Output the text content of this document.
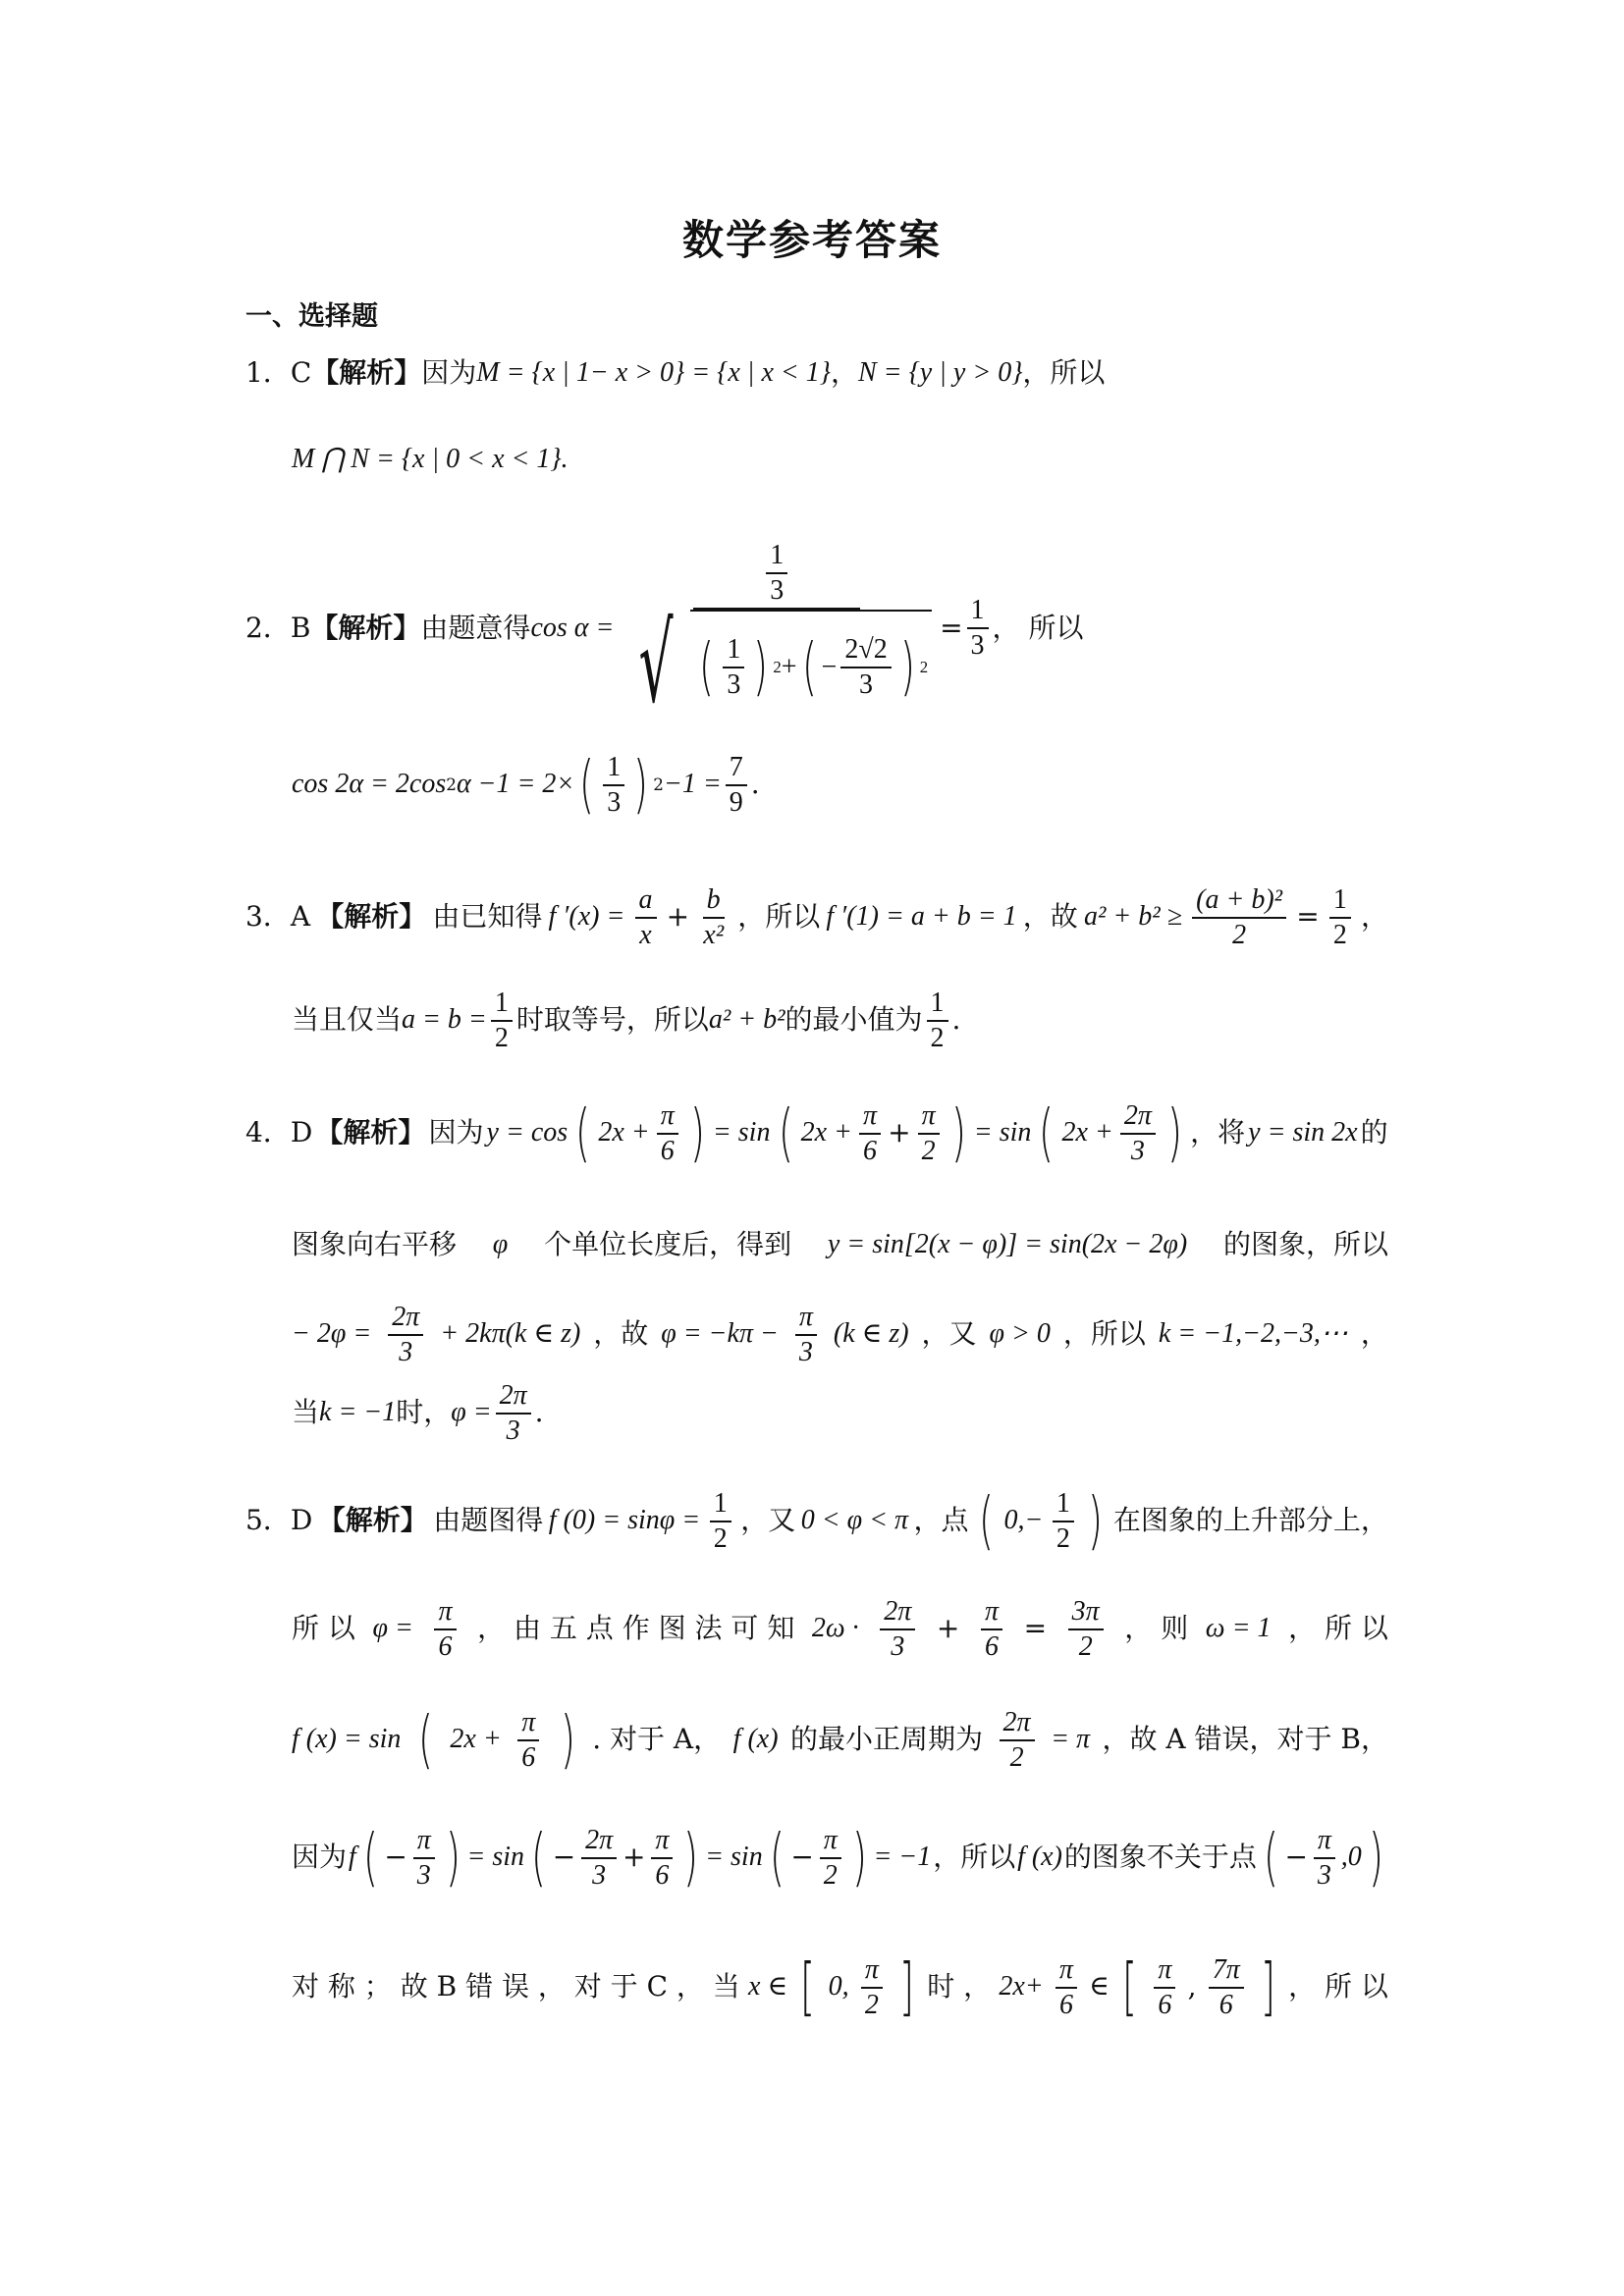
数学参考答案
一、选择题
1．C 【解析】 因为 M = {x | 1− x > 0} = {x | x < 1} ， N = {y | y > 0} ，所以
M ⋂ N = {x | 0 < x < 1}.
2．B 【解析】 由题意得 cos α =
$\frac{1}{3}$
√ ( $\frac{1}{3}$ ) 2 + ( − $\frac{2√2}{3}$ ) 2
= $\frac{1}{3}$ ， 所以
cos 2α = 2cos 2 α −1 = 2× ( $\frac{1}{3}$ ) $2 -1 = \frac{7}{9}$ .
3．A 【解析】 由已知得 f $'(x) = \frac{a}{x} + \frac{b}{\text{x²}}$ ，所以 f ′(1) = a + b = 1 ，故 $a^2 + b^2 \ge \frac{\text{(a + b)²}}{2} = \frac{1}{2}$ ，
当且仅当 $a = b = \frac{1}{2}$ 时取等号，所以 a² + b² 的最小值为 $\frac{1}{2}$ .
4．D 【解析】 因为 y = cos ( $2x + \frac{\pi}{6}$ ) = sin ( $2x + \frac{\pi}{6} + \frac{\pi}{2}$ ) = sin ( $2x + \frac{2\pi}{3}$ ) ，将 y = sin 2x 的
图象向右平移 φ 个单位长度后，得到 y = sin[2(x − φ)] = sin(2x − 2φ) 的图象，所以
− $2\varphi = \frac{2\pi}{3} + 2k\pi(k$ ∈ z) ，故 $\varphi = -k\pi - \frac{\pi}{3} (k$ ∈ z) ，又 φ > 0 ，所以 k = −1,−2,−3,⋯ ，
当 k = −1 时， $\varphi = \frac{2\pi}{3}$ .
5．D 【解析】 由题图得 f $(0) = \sin\varphi = \frac{1}{2}$ ，又 0 < φ < π ，点 ( $0,- \frac{1}{2}$ ) 在图象的上升部分上，
所 以 $\varphi = \frac{\pi}{6}$ ， 由 五 点 作 图 法 可 知 $2\omega \cdot \frac{2\pi}{3} + \frac{\pi}{6} = \frac{3\pi}{2}$ ， 则 ω = 1 ， 所 以
f (x) = sin ( $2x + \frac{\pi}{6}$ ) . 对于 A， f (x) 的最小正周期为 $\frac{2\pi}{2} = \pi$ ，故 A 错误，对于 B，
因为 f ( − $\frac{\pi}{3}$ ) = sin ( − $\frac{2\pi}{3} + \frac{\pi}{6}$ ) = sin ( − $\frac{\pi}{2}$ ) = −1 ，所以 f (x) 的图象不关于点 ( − $\frac{\pi}{3} ,0$ )
对 称 ； 故 B 错 误 ， 对 于 C ， 当 x ∈ [ 0, $\frac{\pi}{2}$ ] 时 ， $2x+ \frac{\pi}{6}$ ∈ [ $\frac{\pi}{6}$ , $\frac{7\pi}{6}$ ] ， 所 以
